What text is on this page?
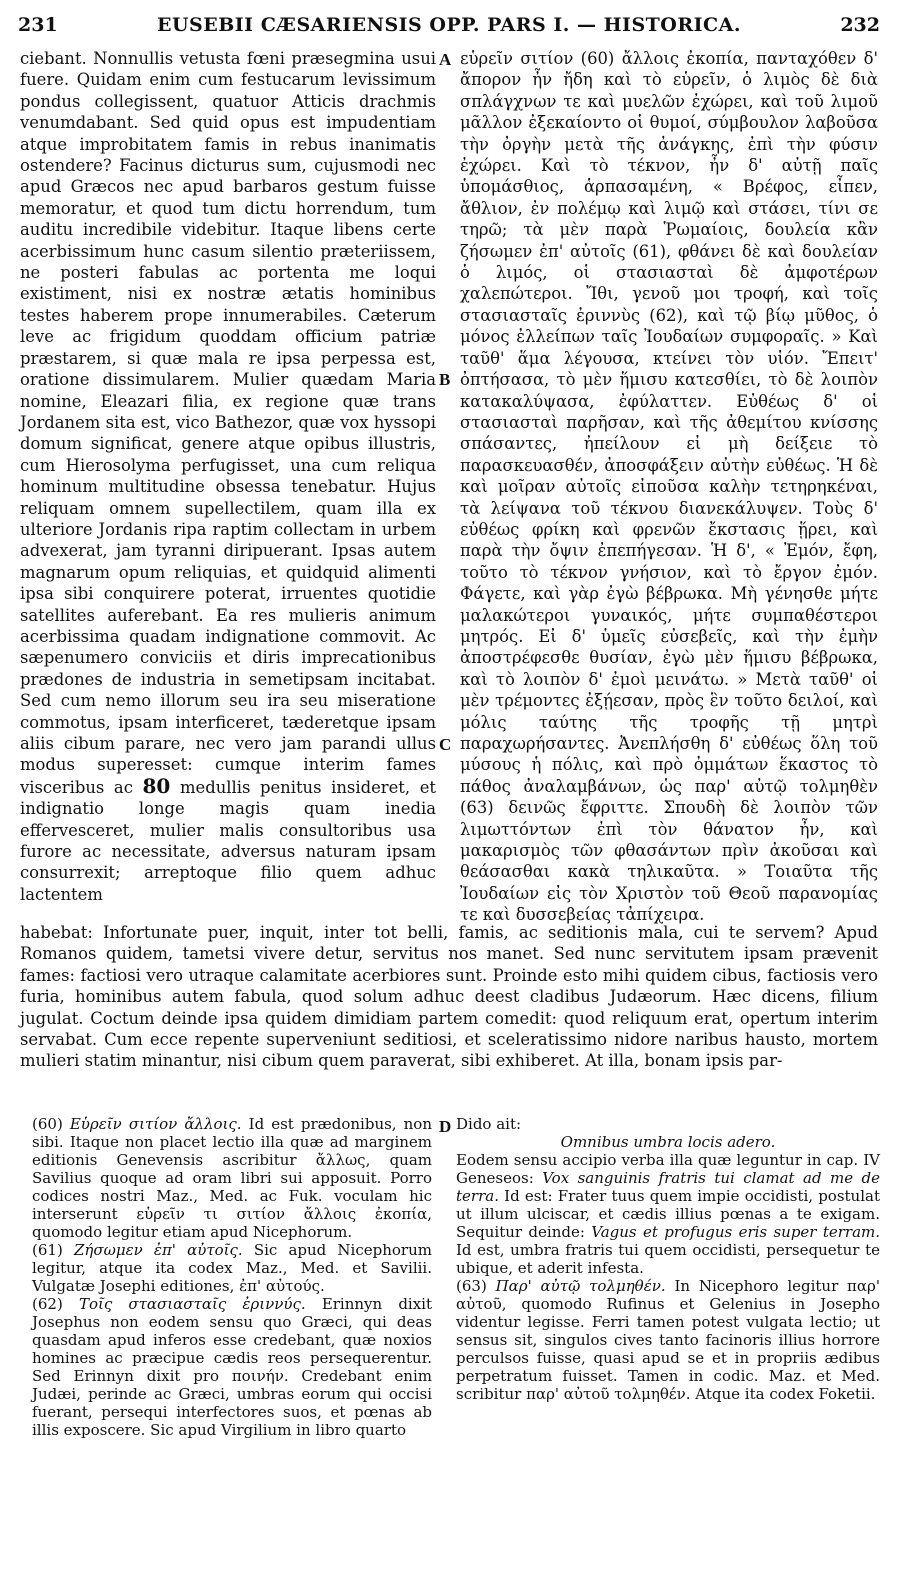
231	EUSEBII CÆSARIENSIS OPP. PARS I. — HISTORICA.	232

ciebant. Nonnullis vetusta fœni præsegmina usui fuere. Quidam enim cum festucarum levissimum pondus collegissent, quatuor Atticis drachmis venumdabant. Sed quid opus est impudentiam atque improbitatem famis in rebus inanimatis ostendere? Facinus dicturus sum, cujusmodi nec apud Græcos nec apud barbaros gestum fuisse memoratur, et quod tum dictu horrendum, tum auditu incredibile videbitur. Itaque libens certe acerbissimum hunc casum silentio præteriissem, ne posteri fabulas ac portenta me loqui existiment, nisi ex nostræ ætatis hominibus testes haberem prope innumerabiles. Cæterum leve ac frigidum quoddam officium patriæ præstarem, si quæ mala re ipsa perpessa est, oratione dissimularem. Mulier quædam Maria nomine, Eleazari filia, ex regione quæ trans Jordanem sita est, vico Bathezor, quæ vox hyssopi domum significat, genere atque opibus illustris, cum Hierosolyma perfugisset, una cum reliqua hominum multitudine obsessa tenebatur. Hujus reliquam omnem supellectilem, quam illa ex ulteriore Jordanis ripa raptim collectam in urbem advexerat, jam tyranni diripuerant. Ipsas autem magnarum opum reliquias, et quidquid alimenti ipsa sibi conquirere poterat, irruentes quotidie satellites auferebant. Ea res mulieris animum acerbissima quadam indignatione commovit. Ac sæpenumero conviciis et diris imprecationibus prædones de industria in semetipsam incitabat. Sed cum nemo illorum seu ira seu miseratione commotus, ipsam interficeret, tæderetque ipsam aliis cibum parare, nec vero jam parandi ullus modus superesset: cumque interim fames visceribus ac 80 medullis penitus insideret, et indignatio longe magis quam inedia effervesceret, mulier malis consultoribus usa furore ac necessitate, adversus naturam ipsam consurrexit; arreptoque filio quem adhuc lactentem

A
B
C
D

εὑρεῖν σιτίον (60) ἄλλοις ἐκοπία, πανταχόθεν δ' ἄπορον ἦν ἤδη καὶ τὸ εὑρεῖν, ὁ λιμὸς δὲ διὰ σπλάγχνων τε καὶ μυελῶν ἐχώρει, καὶ τοῦ λιμοῦ μᾶλλον ἐξεκαίοντο οἱ θυμοί, σύμβουλον λαβοῦσα τὴν ὀργὴν μετὰ τῆς ἀνάγκης, ἐπὶ τὴν φύσιν ἐχώρει. Καὶ τὸ τέκνον, ἦν δ' αὐτῇ παῖς ὑπομάσθιος, ἁρπασαμένη, « Βρέφος, εἶπεν, ἄθλιον, ἐν πολέμῳ καὶ λιμῷ καὶ στάσει, τίνι σε τηρῶ; τὰ μὲν παρὰ Ῥωμαίοις, δουλεία κἂν ζήσωμεν ἐπ' αὐτοῖς (61), φθάνει δὲ καὶ δουλείαν ὁ λιμός, οἱ στασιασταὶ δὲ ἀμφοτέρων χαλεπώτεροι. Ἴθι, γενοῦ μοι τροφή, καὶ τοῖς στασιασταῖς ἐριννὺς (62), καὶ τῷ βίῳ μῦθος, ὁ μόνος ἐλλείπων ταῖς Ἰουδαίων συμφοραῖς. » Καὶ ταῦθ' ἅμα λέγουσα, κτείνει τὸν υἱόν. Ἔπειτ' ὀπτήσασα, τὸ μὲν ἥμισυ κατεσθίει, τὸ δὲ λοιπὸν κατακαλύψασα, ἐφύλαττεν. Εὐθέως δ' οἱ στασιασταὶ παρῆσαν, καὶ τῆς ἀθεμίτου κνίσσης σπάσαντες, ἠπείλουν εἰ μὴ δείξειε τὸ παρασκευασθέν, ἀποσφάξειν αὐτὴν εὐθέως. Ἡ δὲ καὶ μοῖραν αὐτοῖς εἰποῦσα καλὴν τετηρηκέναι, τὰ λείψανα τοῦ τέκνου διανεκάλυψεν. Τοὺς δ' εὐθέως φρίκη καὶ φρενῶν ἔκστασις ᾕρει, καὶ παρὰ τὴν ὄψιν ἐπεπήγεσαν. Ἡ δ', « Ἐμόν, ἔφη, τοῦτο τὸ τέκνον γνήσιον, καὶ τὸ ἔργον ἐμόν. Φάγετε, καὶ γὰρ ἐγὼ βέβρωκα. Μὴ γένησθε μήτε μαλακώτεροι γυναικός, μήτε συμπαθέστεροι μητρός. Εἰ δ' ὑμεῖς εὐσεβεῖς, καὶ τὴν ἐμὴν ἀποστρέφεσθε θυσίαν, ἐγὼ μὲν ἥμισυ βέβρωκα, καὶ τὸ λοιπὸν δ' ἐμοὶ μεινάτω. » Μετὰ ταῦθ' οἱ μὲν τρέμοντες ἐξῄεσαν, πρὸς ἓν τοῦτο δειλοί, καὶ μόλις ταύτης τῆς τροφῆς τῇ μητρὶ παραχωρήσαντες. Ἀνεπλήσθη δ' εὐθέως ὅλη τοῦ μύσους ἡ πόλις, καὶ πρὸ ὀμμάτων ἕκαστος τὸ πάθος ἀναλαμβάνων, ὡς παρ' αὐτῷ τολμηθὲν (63) δεινῶς ἔφριττε. Σπουδὴ δὲ λοιπὸν τῶν λιμωττόντων ἐπὶ τὸν θάνατον ἦν, καὶ μακαρισμὸς τῶν φθασάντων πρὶν ἀκοῦσαι καὶ θεάσασθαι κακὰ τηλικαῦτα. » Τοιαῦτα τῆς Ἰουδαίων εἰς τὸν Χριστὸν τοῦ Θεοῦ παρανομίας τε καὶ δυσσεβείας τἀπίχειρα.

habebat: Infortunate puer, inquit, inter tot belli, famis, ac seditionis mala, cui te servem? Apud Romanos quidem, tametsi vivere detur, servitus nos manet. Sed nunc servitutem ipsam prævenit fames: factiosi vero utraque calamitate acerbiores sunt. Proinde esto mihi quidem cibus, factiosis vero furia, hominibus autem fabula, quod solum adhuc deest cladibus Judæorum. Hæc dicens, filium jugulat. Coctum deinde ipsa quidem dimidiam partem comedit: quod reliquum erat, opertum interim servabat. Cum ecce repente superveniunt seditiosi, et sceleratissimo nidore naribus hausto, mortem mulieri statim minantur, nisi cibum quem paraverat, sibi exhiberet. At illa, bonam ipsis par-

(60) Εὑρεῖν σιτίον ἄλλοις. Id est prædonibus, non sibi. Itaque non placet lectio illa quæ ad marginem editionis Genevensis ascribitur ἄλλως, quam Savilius quoque ad oram libri sui apposuit. Porro codices nostri Maz., Med. ac Fuk. voculam hic interserunt εὑρεῖν τι σιτίον ἄλλοις ἐκοπία, quomodo legitur etiam apud Nicephorum.

(61) Ζήσωμεν ἐπ' αὐτοῖς. Sic apud Nicephorum legitur, atque ita codex Maz., Med. et Savilii. Vulgatæ Josephi editiones, ἐπ' αὐτούς.

(62) Τοῖς στασιασταῖς ἐριννύς. Erinnyn dixit Josephus non eodem sensu quo Græci, qui deas quasdam apud inferos esse credebant, quæ noxios homines ac præcipue cædis reos persequerentur. Sed Erinnyn dixit pro ποινήν. Credebant enim Judæi, perinde ac Græci, umbras eorum qui occisi fuerant, persequi interfectores suos, et pœnas ab illis exposcere. Sic apud Virgilium in libro quarto

Dido ait:

Omnibus umbra locis adero.

Eodem sensu accipio verba illa quæ leguntur in cap. IV Geneseos: Vox sanguinis fratris tui clamat ad me de terra. Id est: Frater tuus quem impie occidisti, postulat ut illum ulciscar, et cædis illius pœnas a te exigam. Sequitur deinde: Vagus et profugus eris super terram. Id est, umbra fratris tui quem occidisti, persequetur te ubique, et aderit infesta.

(63) Παρ' αὐτῷ τολμηθέν. In Nicephoro legitur παρ' αὐτοῦ, quomodo Rufinus et Gelenius in Josepho videntur legisse. Ferri tamen potest vulgata lectio; ut sensus sit, singulos cives tanto facinoris illius horrore perculsos fuisse, quasi apud se et in propriis ædibus perpetratum fuisset. Tamen in codic. Maz. et Med. scribitur παρ' αὐτοῦ τολμηθέν. Atque ita codex Foketii.
